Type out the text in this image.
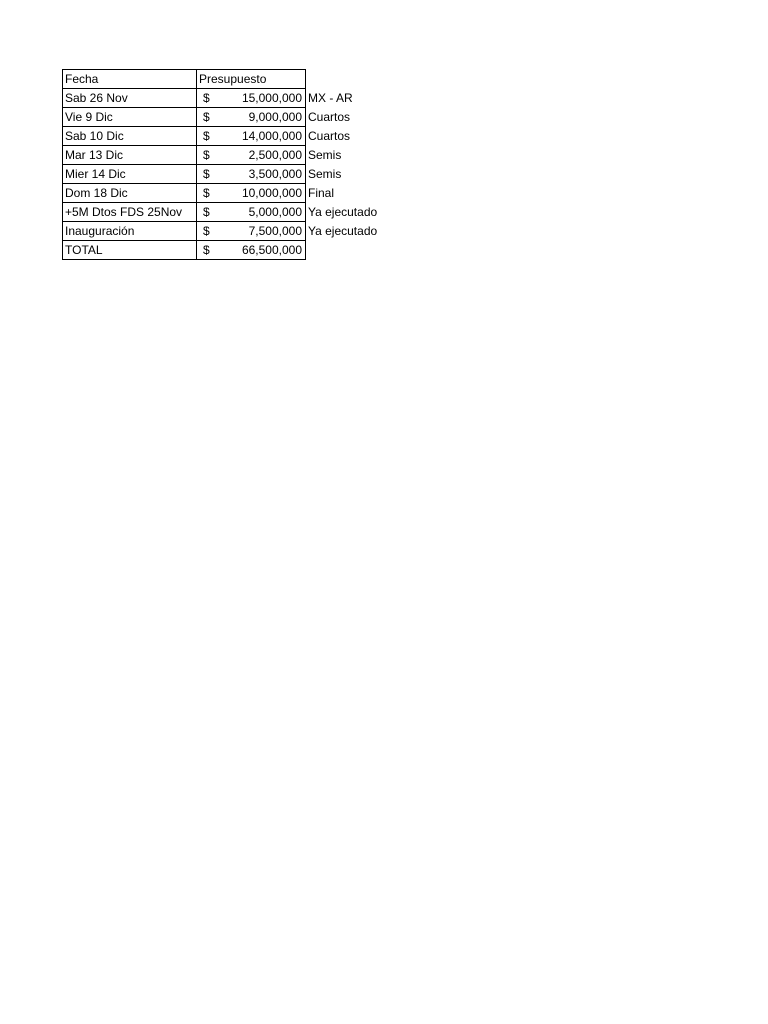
Fecha	Presupuesto	
Sab 26 Nov	$ 15,000,000	MX - AR
Vie 9 Dic	$ 9,000,000	Cuartos
Sab 10 Dic	$ 14,000,000	Cuartos
Mar 13 Dic	$ 2,500,000	Semis
Mier 14 Dic	$ 3,500,000	Semis
Dom 18 Dic	$ 10,000,000	Final
+5M Dtos FDS 25Nov	$ 5,000,000	Ya ejecutado
Inauguración	$ 7,500,000	Ya ejecutado
TOTAL	$ 66,500,000	
